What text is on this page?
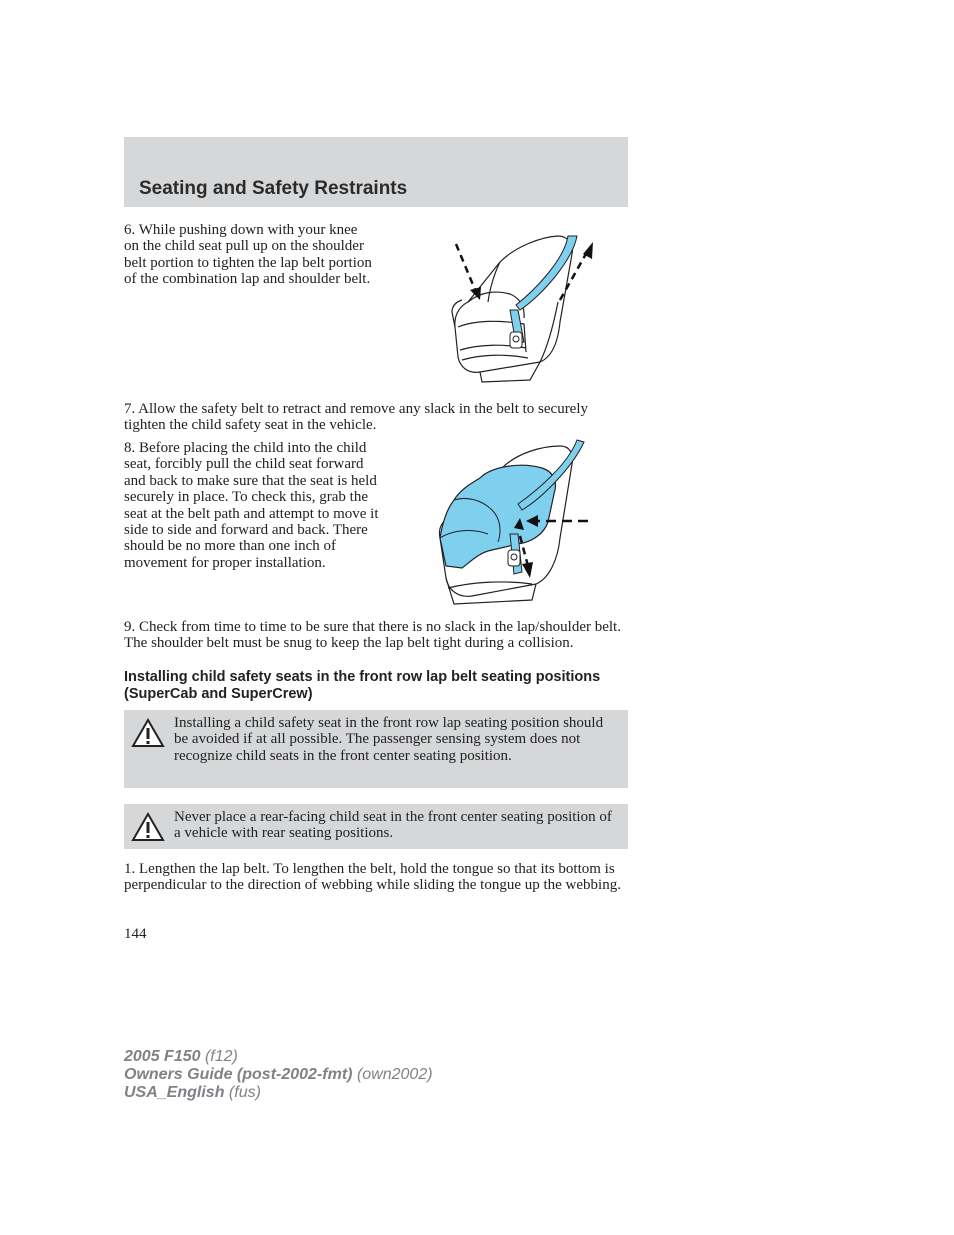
Seating and Safety Restraints

6. While pushing down with your knee on the child seat pull up on the shoulder belt portion to tighten the lap belt portion of the combination lap and shoulder belt.

7. Allow the safety belt to retract and remove any slack in the belt to securely tighten the child safety seat in the vehicle.

8. Before placing the child into the child seat, forcibly pull the child seat forward and back to make sure that the seat is held securely in place. To check this, grab the seat at the belt path and attempt to move it side to side and forward and back. There should be no more than one inch of movement for proper installation.

9. Check from time to time to be sure that there is no slack in the lap/shoulder belt. The shoulder belt must be snug to keep the lap belt tight during a collision.

Installing child safety seats in the front row lap belt seating positions (SuperCab and SuperCrew)

Installing a child safety seat in the front row lap seating position should be avoided if at all possible. The passenger sensing system does not recognize child seats in the front center seating position.

Never place a rear-facing child seat in the front center seating position of a vehicle with rear seating positions.

1. Lengthen the lap belt. To lengthen the belt, hold the tongue so that its bottom is perpendicular to the direction of webbing while sliding the tongue up the webbing.

144

2005 F150 (f12)
Owners Guide (post-2002-fmt) (own2002)
USA_English (fus)
